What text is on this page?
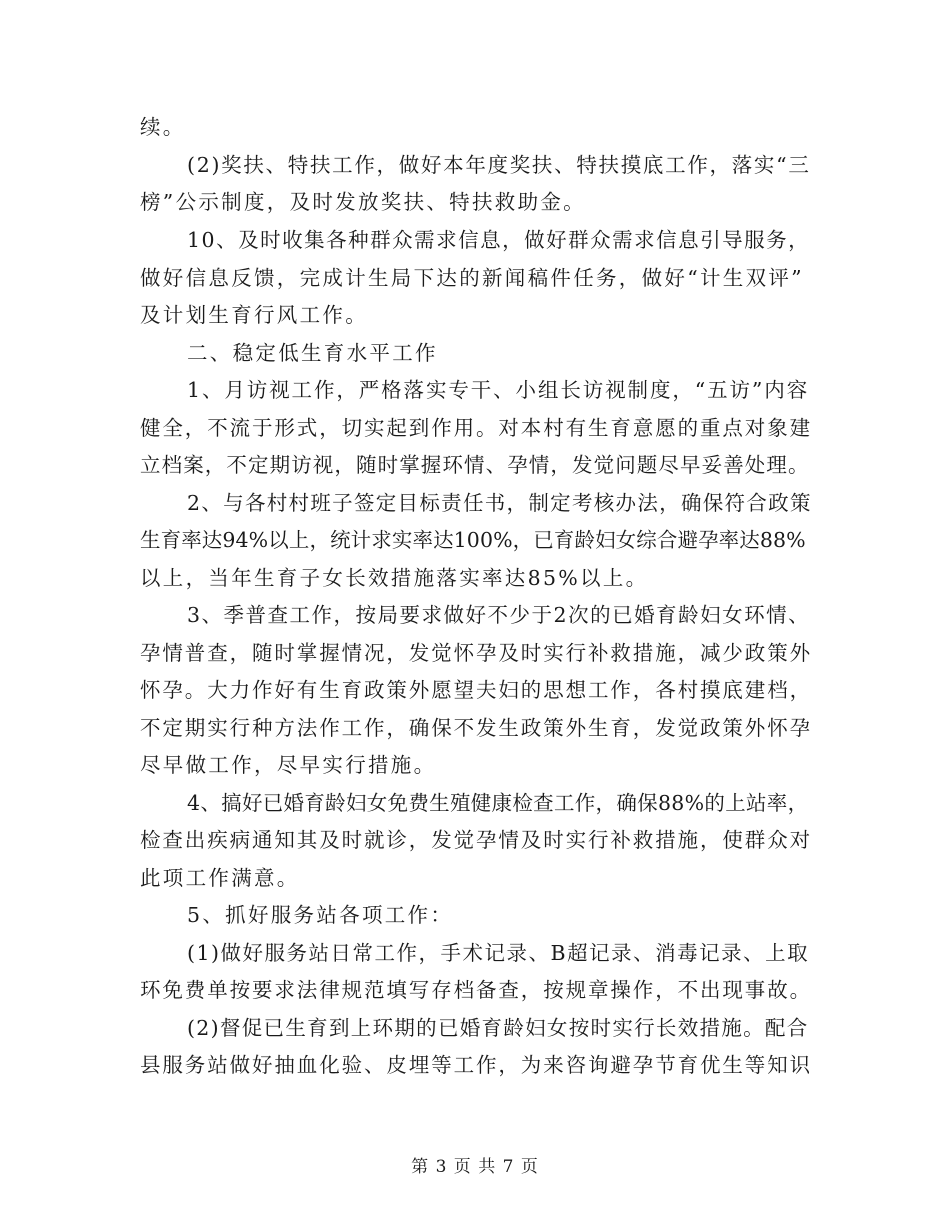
续。
(2)奖扶、特扶工作，做好本年度奖扶、特扶摸底工作，落实“三
榜”公示制度，及时发放奖扶、特扶救助金。
10、及时收集各种群众需求信息，做好群众需求信息引导服务，
做好信息反馈，完成计生局下达的新闻稿件任务，做好“计生双评”
及计划生育行风工作。
二、稳定低生育水平工作
1、月访视工作，严格落实专干、小组长访视制度，“五访”内容
健全，不流于形式，切实起到作用。对本村有生育意愿的重点对象建
立档案，不定期访视，随时掌握环情、孕情，发觉问题尽早妥善处理。
2、与各村村班子签定目标责任书，制定考核办法，确保符合政策
生育率达94%以上，统计求实率达100%，已育龄妇女综合避孕率达88%
以上，当年生育子女长效措施落实率达85%以上。
3、季普查工作，按局要求做好不少于2次的已婚育龄妇女环情、
孕情普查，随时掌握情况，发觉怀孕及时实行补救措施，减少政策外
怀孕。大力作好有生育政策外愿望夫妇的思想工作，各村摸底建档，
不定期实行种方法作工作，确保不发生政策外生育，发觉政策外怀孕
尽早做工作，尽早实行措施。
4、搞好已婚育龄妇女免费生殖健康检查工作，确保88%的上站率，
检查出疾病通知其及时就诊，发觉孕情及时实行补救措施，使群众对
此项工作满意。
5、抓好服务站各项工作：
(1)做好服务站日常工作，手术记录、B超记录、消毒记录、上取
环免费单按要求法律规范填写存档备查，按规章操作，不出现事故。
(2)督促已生育到上环期的已婚育龄妇女按时实行长效措施。配合
县服务站做好抽血化验、皮埋等工作，为来咨询避孕节育优生等知识
第 3 页 共 7 页
